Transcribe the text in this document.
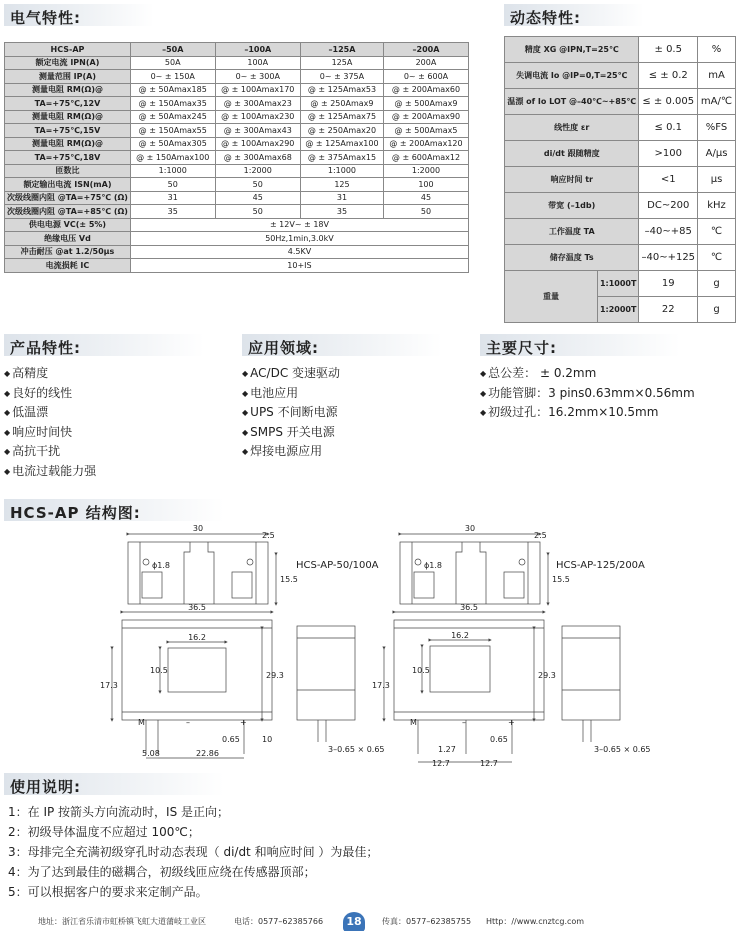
电气特性:	动态特性:
HCS-AP	–50A	–100A	–125A	–200A
额定电流 IPN(A)	50A	100A	125A	200A
测量范围 IP(A)	0~ ± 150A	0~ ± 300A	0~ ± 375A	0~ ± 600A
测量电阻 RM(Ω)@	@ ± 50Amax185	@ ± 100Amax170	@ ± 125Amax53	@ ± 200Amax60
TA=+75℃,12V	@ ± 150Amax35	@ ± 300Amax23	@ ± 250Amax9	@ ± 500Amax9
测量电阻 RM(Ω)@	@ ± 50Amax245	@ ± 100Amax230	@ ± 125Amax75	@ ± 200Amax90
TA=+75℃,15V	@ ± 150Amax55	@ ± 300Amax43	@ ± 250Amax20	@ ± 500Amax5
测量电阻 RM(Ω)@	@ ± 50Amax305	@ ± 100Amax290	@ ± 125Amax100	@ ± 200Amax120
TA=+75℃,18V	@ ± 150Amax100	@ ± 300Amax68	@ ± 375Amax15	@ ± 600Amax12
匝数比	1:1000	1:2000	1:1000	1:2000
额定输出电流 ISN(mA)	50	50	125	100
次级线圈内阻 @TA=+75℃ (Ω)	31	45	31	45
次级线圈内阻 @TA=+85℃ (Ω)	35	50	35	50
供电电源 VC(± 5%)	± 12V~ ± 18V			
绝缘电压 Vd	50Hz,1min,3.0kV			
冲击耐压 @at 1.2/50μs	4.5KV			
电流损耗 IC	10+IS			
精度 XG @IPN,T=25℃		± 0.5	%
失调电流 Io @IP=0,T=25℃		≤ ± 0.2	mA
温漂 of Io LOT @–40℃~+85℃		≤ ± 0.005	mA/℃
线性度 εr		≤ 0.1	%FS
di/dt 跟随精度		>100	A/μs
响应时间 tr		<1	μs
带宽 (–1db)		DC~200	kHz
工作温度 TA		–40~+85	℃
储存温度 Ts		–40~+125	℃
重量	1:1000T	19	g
	1:2000T	22	g
产品特性:
◆ 高精度
◆ 良好的线性
◆ 低温漂
◆ 响应时间快
◆ 高抗干扰
◆ 电流过载能力强
应用领域:
◆ AC/DC 变速驱动
◆ 电池应用
◆ UPS 不间断电源
◆ SMPS 开关电源
◆ 焊接电源应用
主要尺寸:
◆ 总公差： ± 0.2mm
◆ 功能管脚：3 pins0.63mm×0.56mm
◆ 初级过孔：16.2mm×10.5mm
HCS-AP 结构图:
30
2.5
ϕ1.8
15.5
HCS-AP-50/100A
36.5
16.2
10.5
17.3
29.3
M	–	+
0.65	10
5.08	22.86	3–0.65 × 0.65
30
2.5
ϕ1.8
15.5
HCS-AP-125/200A
36.5
16.2
10.5
17.3
29.3
M	–	+
0.65
1.27
12.7	12.7
3–0.65 × 0.65
使用说明:
1：在 IP 按箭头方向流动时，IS 是正向；
2：初级导体温度不应超过 100℃；
3：母排完全充满初级穿孔时动态表现（ di/dt 和响应时间 ）为最佳；
4：为了达到最佳的磁耦合，初级线匝应绕在传感器顶部；
5：可以根据客户的要求来定制产品。
地址：浙江省乐清市虹桥镇飞虹大道蒲岐工业区	电话：0577–62385766	18	传真：0577–62385755 Http：//www.cnztcg.com
